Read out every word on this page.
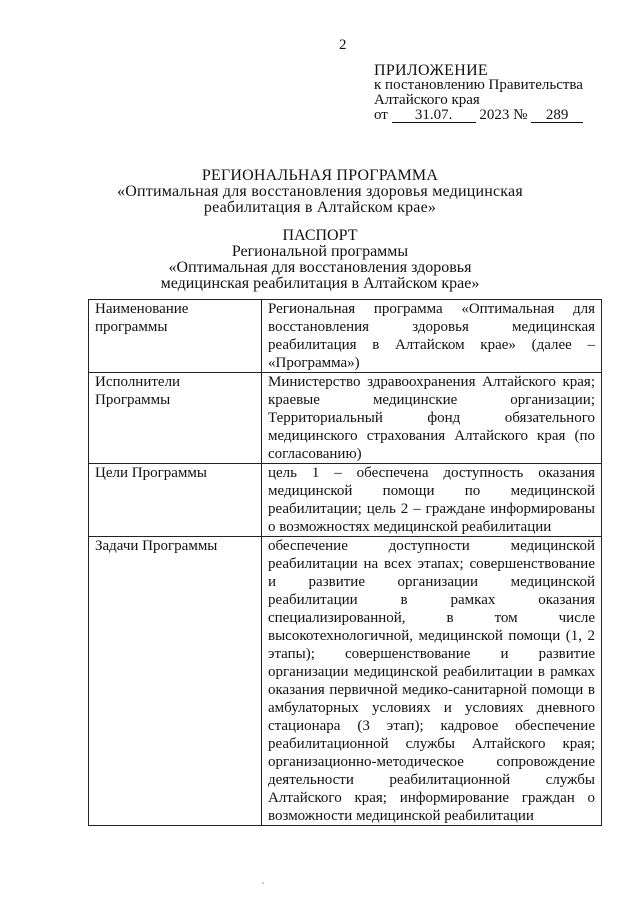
2
ПРИЛОЖЕНИЕ
к постановлению Правительства
Алтайского края
от 31.07. 2023 № 289
РЕГИОНАЛЬНАЯ ПРОГРАММА
«Оптимальная для восстановления здоровья медицинская
реабилитация в Алтайском крае»
ПАСПОРТ
Региональной программы
«Оптимальная для восстановления здоровья
медицинская реабилитация в Алтайском крае»
Наименование программы	Региональная программа «Оптимальная для восстановления здоровья медицинская реабилитация в Алтайском крае» (далее – «Программа»)
Исполнители Программы	Министерство здравоохранения Алтайского края; краевые медицинские организации; Территориальный фонд обязательного медицинского страхования Алтайского края (по согласованию)
Цели Программы	цель 1 – обеспечена доступность оказания медицинской помощи по медицинской реабилитации; цель 2 – граждане информированы о возможностях медицинской реабилитации
Задачи Программы	обеспечение доступности медицинской реабилитации на всех этапах; совершенствование и развитие организации медицинской реабилитации в рамках оказания специализированной, в том числе высокотехнологичной, медицинской помощи (1, 2 этапы); совершенствование и развитие организации медицинской реабилитации в рамках оказания первичной медико-санитарной помощи в амбулаторных условиях и условиях дневного стационара (3 этап); кадровое обеспечение реабилитационной службы Алтайского края; организационно-методическое сопровождение деятельности реабилитационной службы Алтайского края; информирование граждан о возможности медицинской реабилитации
